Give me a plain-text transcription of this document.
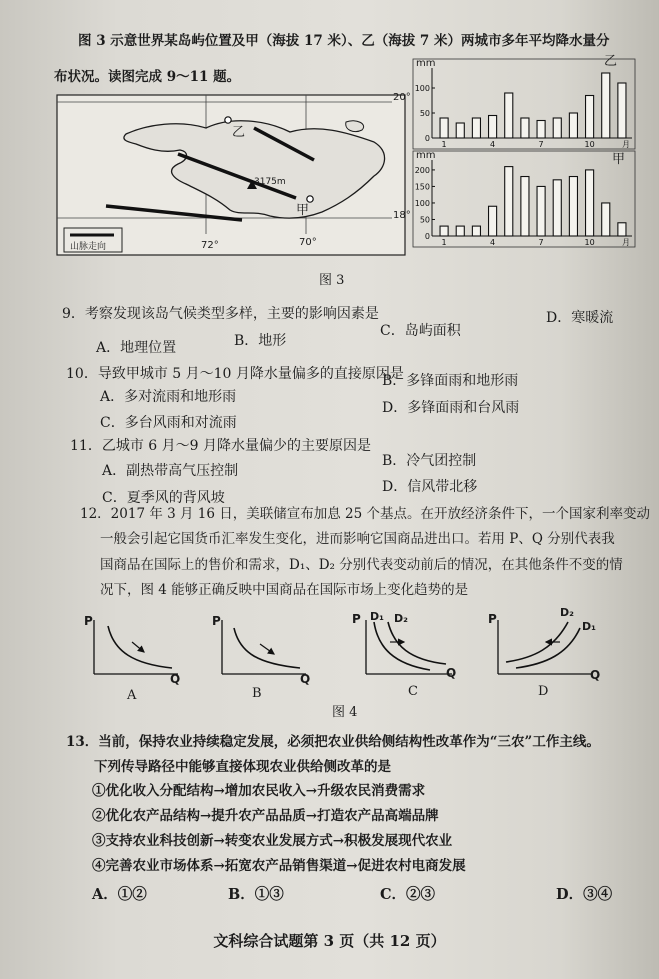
图 3 示意世界某岛屿位置及甲（海拔 17 米）、乙（海拔 7 米）两城市多年平均降水量分
布状况。读图完成 9～11 题。
20°
18°
72°	70°
乙
甲
3175m
山脉走向
100
50
0
1	4	7	10	月
mm	乙
200
150
100
50
0
1	4	7	10	月
mm	甲
图 3
9．考察发现该岛气候类型多样，主要的影响因素是
A．地理位置	B．地形
C．岛屿面积
D．寒暖流
10．导致甲城市 5 月～10 月降水量偏多的直接原因是
A．多对流雨和地形雨
B．多锋面雨和地形雨
C．多台风雨和对流雨
D．多锋面雨和台风雨
11．乙城市 6 月～9 月降水量偏少的主要原因是
A．副热带高气压控制
B．冷气团控制
C．夏季风的背风坡
D．信风带北移
12．2017 年 3 月 16 日，美联储宣布加息 25 个基点。在开放经济条件下，一个国家利率变动
一般会引起它国货币汇率发生变化，进而影响它国商品进出口。若用 P、Q 分别代表我
国商品在国际上的售价和需求，D₁、D₂ 分别代表变动前后的情况，在其他条件不变的情
况下，图 4 能够正确反映中国商品在国际市场上变化趋势的是
P
Q
P
Q
P D₁ D₂
Q
P	D₂
D₁
Q
A	B	C	D
图 4
13．当前，保持农业持续稳定发展，必须把农业供给侧结构性改革作为“三农”工作主线。
下列传导路径中能够直接体现农业供给侧改革的是
①优化收入分配结构→增加农民收入→升级农民消费需求
②优化农产品结构→提升农产品品质→打造农产品高端品牌
③支持农业科技创新→转变农业发展方式→积极发展现代农业
④完善农业市场体系→拓宽农产品销售渠道→促进农村电商发展
A．①②	B．①③	C．②③	D．③④
文科综合试题第 3 页（共 12 页）
